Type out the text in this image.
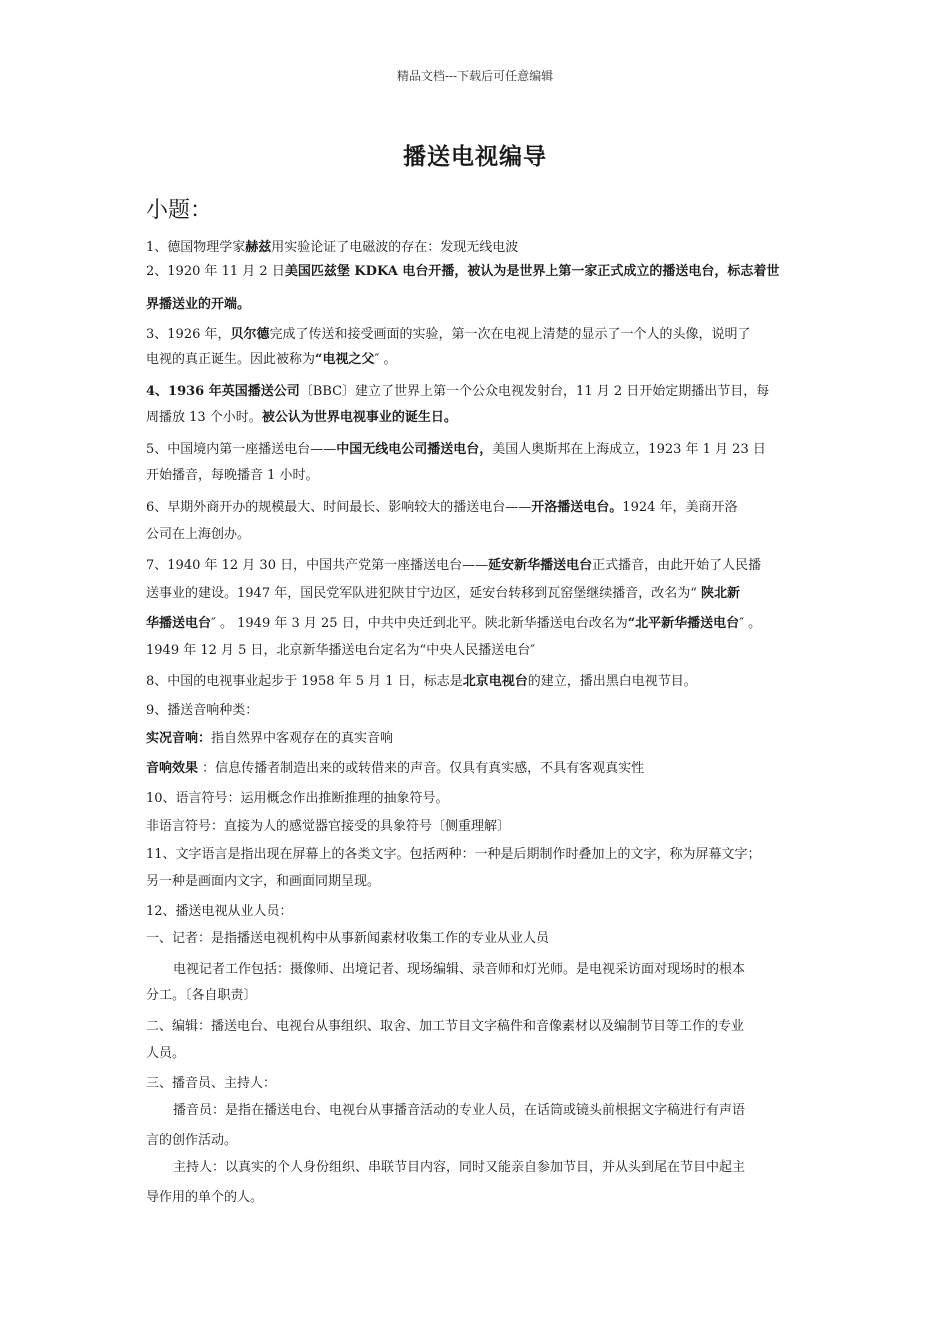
精品文档---下载后可任意编辑
播送电视编导
小题：
1、德国物理学家赫兹用实验论证了电磁波的存在：发现无线电波
2、1920 年 11 月 2 日美国匹兹堡 KDKA 电台开播，被认为是世界上第一家正式成立的播送电台，标志着世
界播送业的开端。
3、1926 年，贝尔德完成了传送和接受画面的实验，第一次在电视上清楚的显示了一个人的头像，说明了
电视的真正诞生。因此被称为“电视之父″ 。
4、1936 年英国播送公司〔BBC〕建立了世界上第一个公众电视发射台，11 月 2 日开始定期播出节目，每
周播放 13 个小时。被公认为世界电视事业的诞生日。
5、中国境内第一座播送电台——中国无线电公司播送电台，美国人奥斯邦在上海成立，1923 年 1 月 23 日
开始播音，每晚播音 1 小时。
6、早期外商开办的规模最大、时间最长、影响较大的播送电台——开洛播送电台。1924 年，美商开洛
公司在上海创办。
7、1940 年 12 月 30 日，中国共产党第一座播送电台——延安新华播送电台正式播音，由此开始了人民播
送事业的建设。1947 年，国民党军队进犯陕甘宁边区，延安台转移到瓦窑堡继续播音，改名为“ 陕北新
华播送电台″ 。 1949 年 3 月 25 日，中共中央迁到北平。陕北新华播送电台改名为“北平新华播送电台″ 。
1949 年 12 月 5 日，北京新华播送电台定名为“中央人民播送电台″
8、中国的电视事业起步于 1958 年 5 月 1 日，标志是北京电视台的建立，播出黑白电视节目。
9、播送音响种类：
实况音响：指自然界中客观存在的真实音响
音响效果 ：信息传播者制造出来的或转借来的声音。仅具有真实感，不具有客观真实性
10、语言符号：运用概念作出推断推理的抽象符号。
非语言符号：直接为人的感觉器官接受的具象符号〔侧重理解〕
11、文字语言是指出现在屏幕上的各类文字。包括两种：一种是后期制作时叠加上的文字，称为屏幕文字；
另一种是画面内文字，和画面同期呈现。
12、播送电视从业人员：
一、记者：是指播送电视机构中从事新闻素材收集工作的专业从业人员
电视记者工作包括：摄像师、出境记者、现场编辑、录音师和灯光师。是电视采访面对现场时的根本
分工。〔各自职责〕
二、编辑：播送电台、电视台从事组织、取舍、加工节目文字稿件和音像素材以及编制节目等工作的专业
人员。
三、播音员、主持人：
播音员：是指在播送电台、电视台从事播音活动的专业人员，在话筒或镜头前根据文字稿进行有声语
言的创作活动。
主持人：以真实的个人身份组织、串联节目内容，同时又能亲自参加节目，并从头到尾在节目中起主
导作用的单个的人。
